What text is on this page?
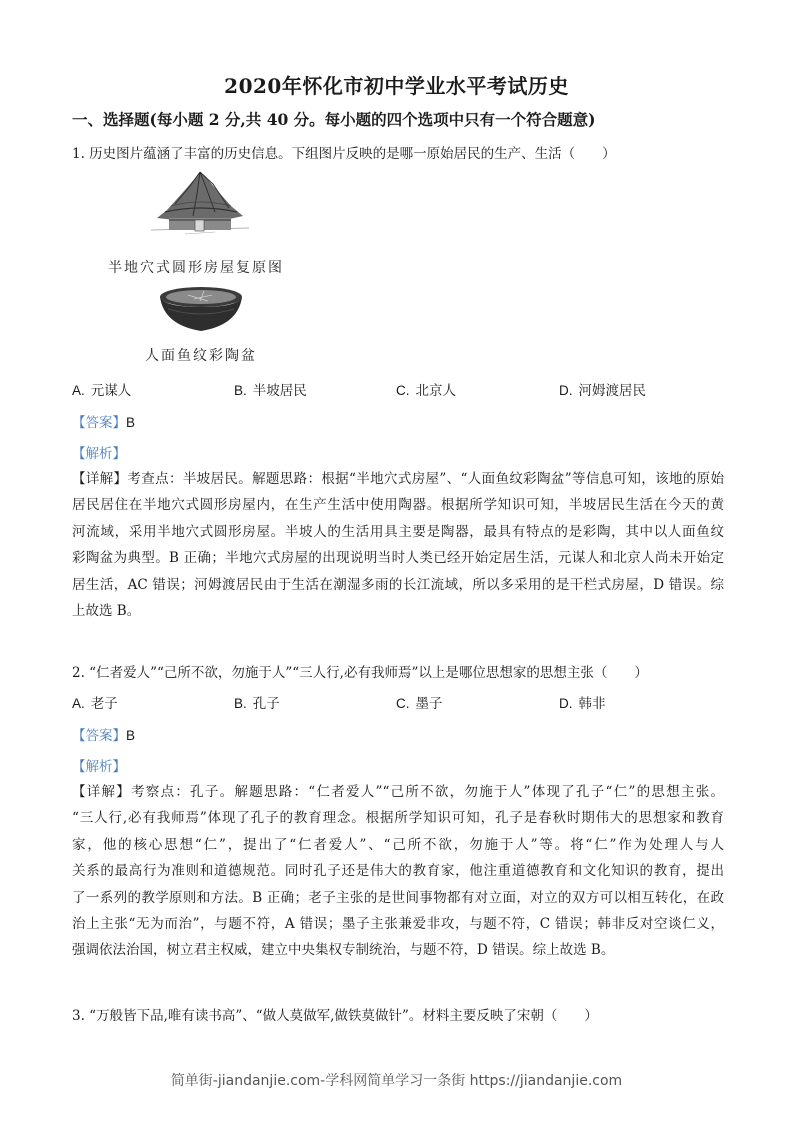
2020年怀化市初中学业水平考试历史
一、选择题(每小题 2 分,共 40 分。每小题的四个选项中只有一个符合题意)
1. 历史图片蕴涵了丰富的历史信息。下组图片反映的是哪一原始居民的生产、生活（　　）
半地穴式圆形房屋复原图
人面鱼纹彩陶盆
A. 元谋人	B. 半坡居民	C. 北京人	D. 河姆渡居民
【答案】B
【解析】
【详解】考查点：半坡居民。解题思路：根据“半地穴式房屋”、“人面鱼纹彩陶盆”等信息可知，该地的原始
居民居住在半地穴式圆形房屋内，在生产生活中使用陶器。根据所学知识可知，半坡居民生活在今天的黄
河流域，采用半地穴式圆形房屋。半坡人的生活用具主要是陶器，最具有特点的是彩陶，其中以人面鱼纹
彩陶盆为典型。B 正确；半地穴式房屋的出现说明当时人类已经开始定居生活，元谋人和北京人尚未开始定
居生活，AC 错误；河姆渡居民由于生活在潮湿多雨的长江流域，所以多采用的是干栏式房屋，D 错误。综
上故选 B。
2. “仁者爱人”“己所不欲，勿施于人”“三人行,必有我师焉”以上是哪位思想家的思想主张（　　）
A. 老子	B. 孔子	C. 墨子	D. 韩非
【答案】B
【解析】
【详解】考察点：孔子。解题思路：“仁者爱人”“己所不欲，勿施于人”体现了孔子“仁”的思想主张。
“三人行,必有我师焉”体现了孔子的教育理念。根据所学知识可知，孔子是春秋时期伟大的思想家和教育
家，他的核心思想“仁”，提出了“仁者爱人”、“己所不欲，勿施于人”等。将“仁”作为处理人与人
关系的最高行为准则和道德规范。同时孔子还是伟大的教育家，他注重道德教育和文化知识的教育，提出
了一系列的教学原则和方法。B 正确；老子主张的是世间事物都有对立面，对立的双方可以相互转化，在政
治上主张“无为而治”，与题不符，A 错误；墨子主张兼爱非攻，与题不符，C 错误；韩非反对空谈仁义，
强调依法治国，树立君主权威，建立中央集权专制统治，与题不符，D 错误。综上故选 B。
3. “万般皆下品,唯有读书高”、“做人莫做军,做铁莫做针”。材料主要反映了宋朝（　　）
简单街-jiandanjie.com-学科网简单学习一条街 https://jiandanjie.com
